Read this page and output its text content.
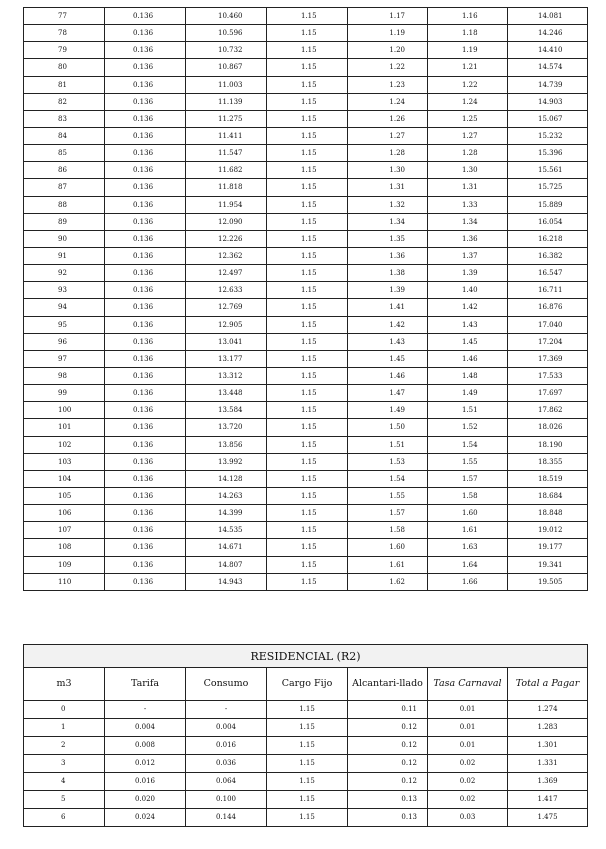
77	0.136	10.460	1.15	1.17	1.16	14.081
78	0.136	10.596	1.15	1.19	1.18	14.246
79	0.136	10.732	1.15	1.20	1.19	14.410
80	0.136	10.867	1.15	1.22	1.21	14.574
81	0.136	11.003	1.15	1.23	1.22	14.739
82	0.136	11.139	1.15	1.24	1.24	14.903
83	0.136	11.275	1.15	1.26	1.25	15.067
84	0.136	11.411	1.15	1.27	1.27	15.232
85	0.136	11.547	1.15	1.28	1.28	15.396
86	0.136	11.682	1.15	1.30	1.30	15.561
87	0.136	11.818	1.15	1.31	1.31	15.725
88	0.136	11.954	1.15	1.32	1.33	15.889
89	0.136	12.090	1.15	1.34	1.34	16.054
90	0.136	12.226	1.15	1.35	1.36	16.218
91	0.136	12.362	1.15	1.36	1.37	16.382
92	0.136	12.497	1.15	1.38	1.39	16.547
93	0.136	12.633	1.15	1.39	1.40	16.711
94	0.136	12.769	1.15	1.41	1.42	16.876
95	0.136	12.905	1.15	1.42	1.43	17.040
96	0.136	13.041	1.15	1.43	1.45	17.204
97	0.136	13.177	1.15	1.45	1.46	17.369
98	0.136	13.312	1.15	1.46	1.48	17.533
99	0.136	13.448	1.15	1.47	1.49	17.697
100	0.136	13.584	1.15	1.49	1.51	17.862
101	0.136	13.720	1.15	1.50	1.52	18.026
102	0.136	13.856	1.15	1.51	1.54	18.190
103	0.136	13.992	1.15	1.53	1.55	18.355
104	0.136	14.128	1.15	1.54	1.57	18.519
105	0.136	14.263	1.15	1.55	1.58	18.684
106	0.136	14.399	1.15	1.57	1.60	18.848
107	0.136	14.535	1.15	1.58	1.61	19.012
108	0.136	14.671	1.15	1.60	1.63	19.177
109	0.136	14.807	1.15	1.61	1.64	19.341
110	0.136	14.943	1.15	1.62	1.66	19.505
RESIDENCIAL (R2)						
m3	Tarifa	Consumo	Cargo Fijo	Alcantari-llado	Tasa Carnaval	Total a Pagar
0	-	-	1.15	0.11	0.01	1.274
1	0.004	0.004	1.15	0.12	0.01	1.283
2	0.008	0.016	1.15	0.12	0.01	1.301
3	0.012	0.036	1.15	0.12	0.02	1.331
4	0.016	0.064	1.15	0.12	0.02	1.369
5	0.020	0.100	1.15	0.13	0.02	1.417
6	0.024	0.144	1.15	0.13	0.03	1.475
